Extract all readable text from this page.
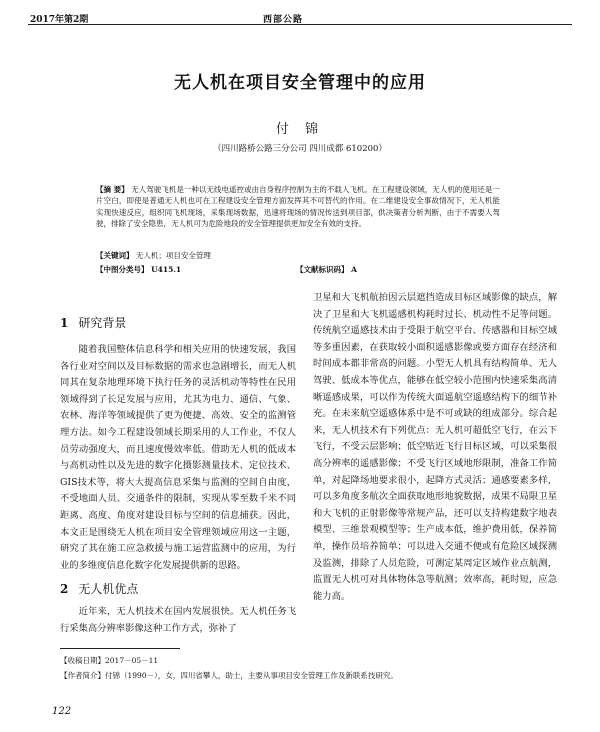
2017年第2期	西部公路
无人机在项目安全管理中的应用
付 锦
（四川路桥公路三分公司 四川成都 610200）
【摘 要】 无人驾驶飞机是一种以无线电遥控或由自身程序控制为主的不载人飞机。在工程建设领域，无人机的使用还是一片空白，即使是普通无人机也可在工程建设安全管理方面发挥其不可替代的作用。在二维建设安全事故情况下，无人机能实现快速反应，组织同飞机现场，采集现场数据，迅速将现场的情况传送到项目部，供决策者分析判断，由于不需要人驾驶，排除了安全隐患，无人机可为危险地段的安全管理提供更加安全有效的支持。
【关键词】 无人机；项目安全管理
【中图分类号】 U415.1	【文献标识码】 A
1 研究背景

随着我国整体信息科学和相关应用的快速发展，我国各行业对空间以及目标数据的需求也急剧增长，而无人机同其在复杂地理环境下执行任务的灵活机动等特性在民用领域得到了长足发展与应用，尤其为电力、通信、气象、农林、海洋等领域提供了更为便捷、高效、安全的监测管理方法。如今工程建设领域长期采用的人工作业，不仅人员劳动强度大，而且速度慢效率低。借助无人机的低成本与高机动性以及先进的数字化摄影测量技术、定位技术、GIS技术等，将大大提高信息采集与监测的空间自由度，不受地面人员、交通条件的限制，实现从零至数千米不同距离、高度、角度对建设目标与空间的信息捕获。因此，本文正是围绕无人机在项目安全管理领域应用这一主题，研究了其在施工应急救援与施工运营监测中的应用，为行业的多维度信息化数字化发展提供新的思路。

2 无人机优点

近年来，无人机技术在国内发展很快。无人机任务飞行采集高分辨率影像这种工作方式，弥补了

卫星和大飞机航拍因云层遮挡造成目标区域影像的缺点，解决了卫星和大飞机遥感机构耗时过长、机动性不足等问题。传统航空遥感技术由于受限于航空平台、传感器和目标空域等多重因素，在获取较小面积遥感影像或要方面存在经济和时间成本都非常高的问题。小型无人机具有结构简单、无人驾驶、低成本等优点，能够在低空较小范围内快速采集高清晰遥感成果，可以作为传统大面遥航空遥感结构下的细节补充。在未来航空遥感体系中是不可或缺的组成部分。综合起来，无人机技术有下列优点：无人机可超低空飞行，在云下飞行，不受云层影响；低空贴近飞行目标区域，可以采集很高分辨率的遥感影像；不受飞行区域地形限制，准备工作简单，对起降场地要求很小，起降方式灵活；通感要素多样，可以多角度多航次全面获取地形地貌数据，成果不局限卫星和大飞机的正射影像等常规产品，还可以支持构建数字地表模型、三维景观模型等；生产成本低，维护费用低，保养简单，操作员培养简单；可以进入交通不便或有危险区域探测及监测，排除了人员危险，可测定某周定区域作业点航测，监置无人机可对具体物体急等航测；效率高，耗时短，应急能力高。

【收稿日期】2017－05－11
【作者简介】付锦（1990－），女，四川省攀人，助士，主要从事项目安全管理工作及新联系技研究。
122
